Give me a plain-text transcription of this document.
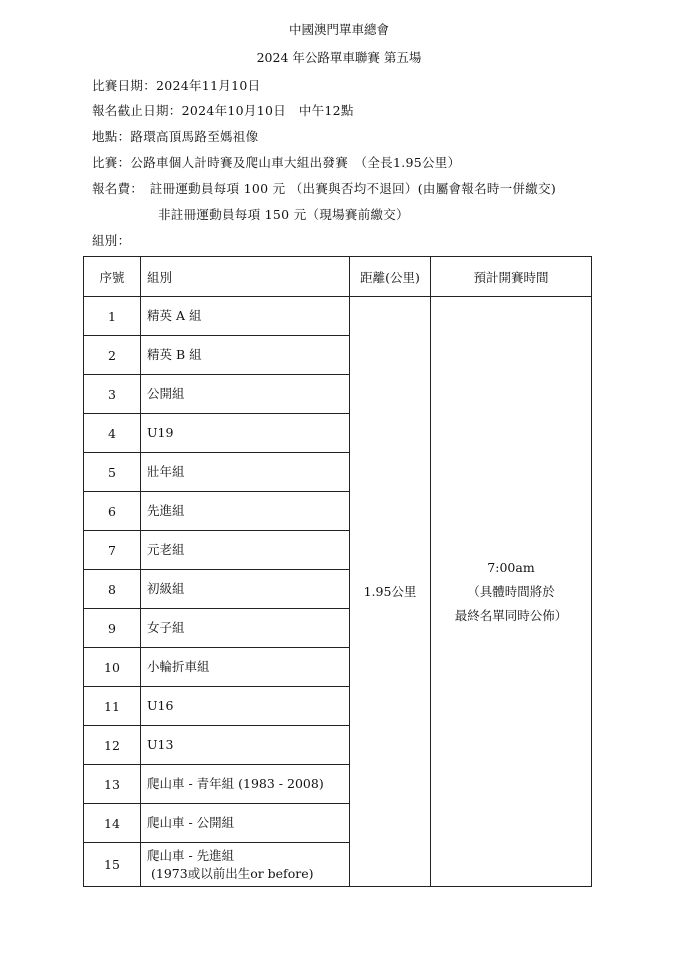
中國澳門單車總會
2024 年公路單車聯賽 第五場
比賽日期：2024年11月10日
報名截止日期：2024年10月10日　中午12點
地點：路環高頂馬路至媽祖像
比賽：公路車個人計時賽及爬山車大組出發賽　（全長1.95公里）
報名費：　註冊運動員每項 100 元 （出賽與否均不退回）(由屬會報名時一併繳交)
非註冊運動員每項 150 元（現場賽前繳交）
組別：
序號	組別	距離(公里)	預計開賽時間
1	精英 A 組	1.95公里	7:00am
（具體時間將於
最終名單同時公佈）

2	精英 B 組		
3	公開組		
4	U19		
5	壯年組		
6	先進組		
7	元老組		
8	初級組		
9	女子組		
10	小輪折車組		
11	U16		
12	U13		
13	爬山車 - 青年組 (1983 - 2008)		
14	爬山車 - 公開組		
15	爬山車 - 先進組
(1973或以前出生or before)		
